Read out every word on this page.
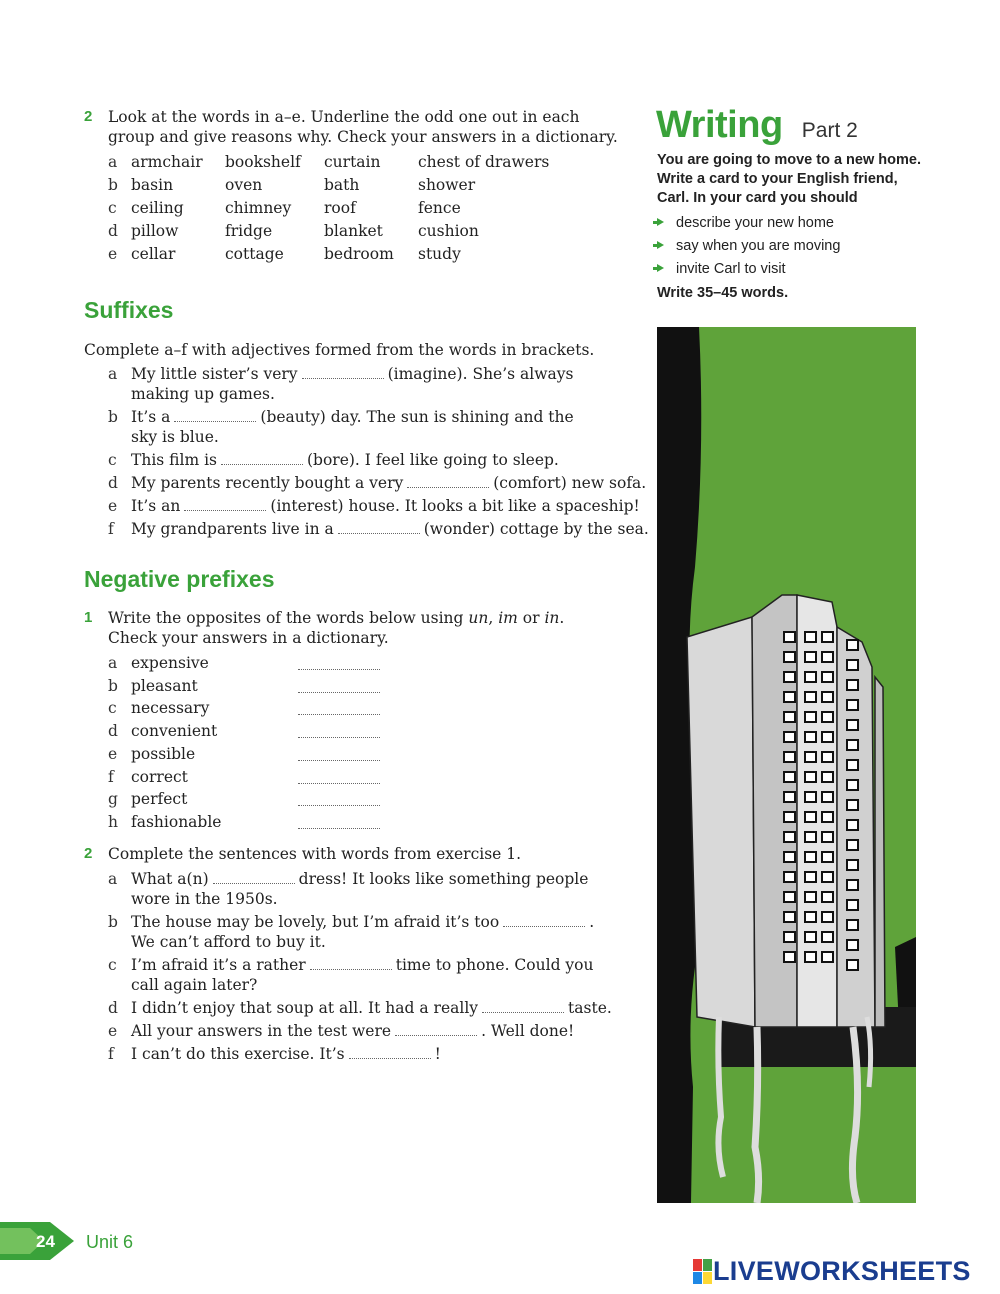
2 Look at the words in a–e. Underline the odd one out in each
group and give reasons why. Check your answers in a dictionary.
a armchair bookshelf curtain chest of drawers
b basin	oven	bath	shower
c ceiling	chimney roof	fence
d pillow	fridge	blanket cushion
e cellar	cottage	bedroom study
Suffixes
Complete a–f with adjectives formed from the words in brackets.
a My little sister’s very	(imagine). She’s always
making up games.
b It’s a	(beauty) day. The sun is shining and the
sky is blue.
c This film is	(bore). I feel like going to sleep.
d My parents recently bought a very	(comfort) new sofa.
e It’s an	(interest) house. It looks a bit like a spaceship!
f My grandparents live in a	(wonder) cottage by the sea.
Negative prefixes
1 Write the opposites of the words below using un, im or in.
Check your answers in a dictionary.
a expensive
b pleasant
c necessary
d convenient
e possible
f correct
g perfect
h fashionable
2 Complete the sentences with words from exercise 1.
a What a(n)	dress! It looks like something people
wore in the 1950s.
b The house may be lovely, but I’m afraid it’s too	.
We can’t afford to buy it.
c I’m afraid it’s a rather	time to phone. Could you
call again later?
d I didn’t enjoy that soup at all. It had a really	taste.
e All your answers in the test were	. Well done!
f I can’t do this exercise. It’s	!
Writing Part 2
You are going to move to a new home. Write a card to your English friend, Carl. In your card you should
describe your new home
say when you are moving
invite Carl to visit
Write 35–45 words.
24 Unit 6
LIVEWORKSHEETS
